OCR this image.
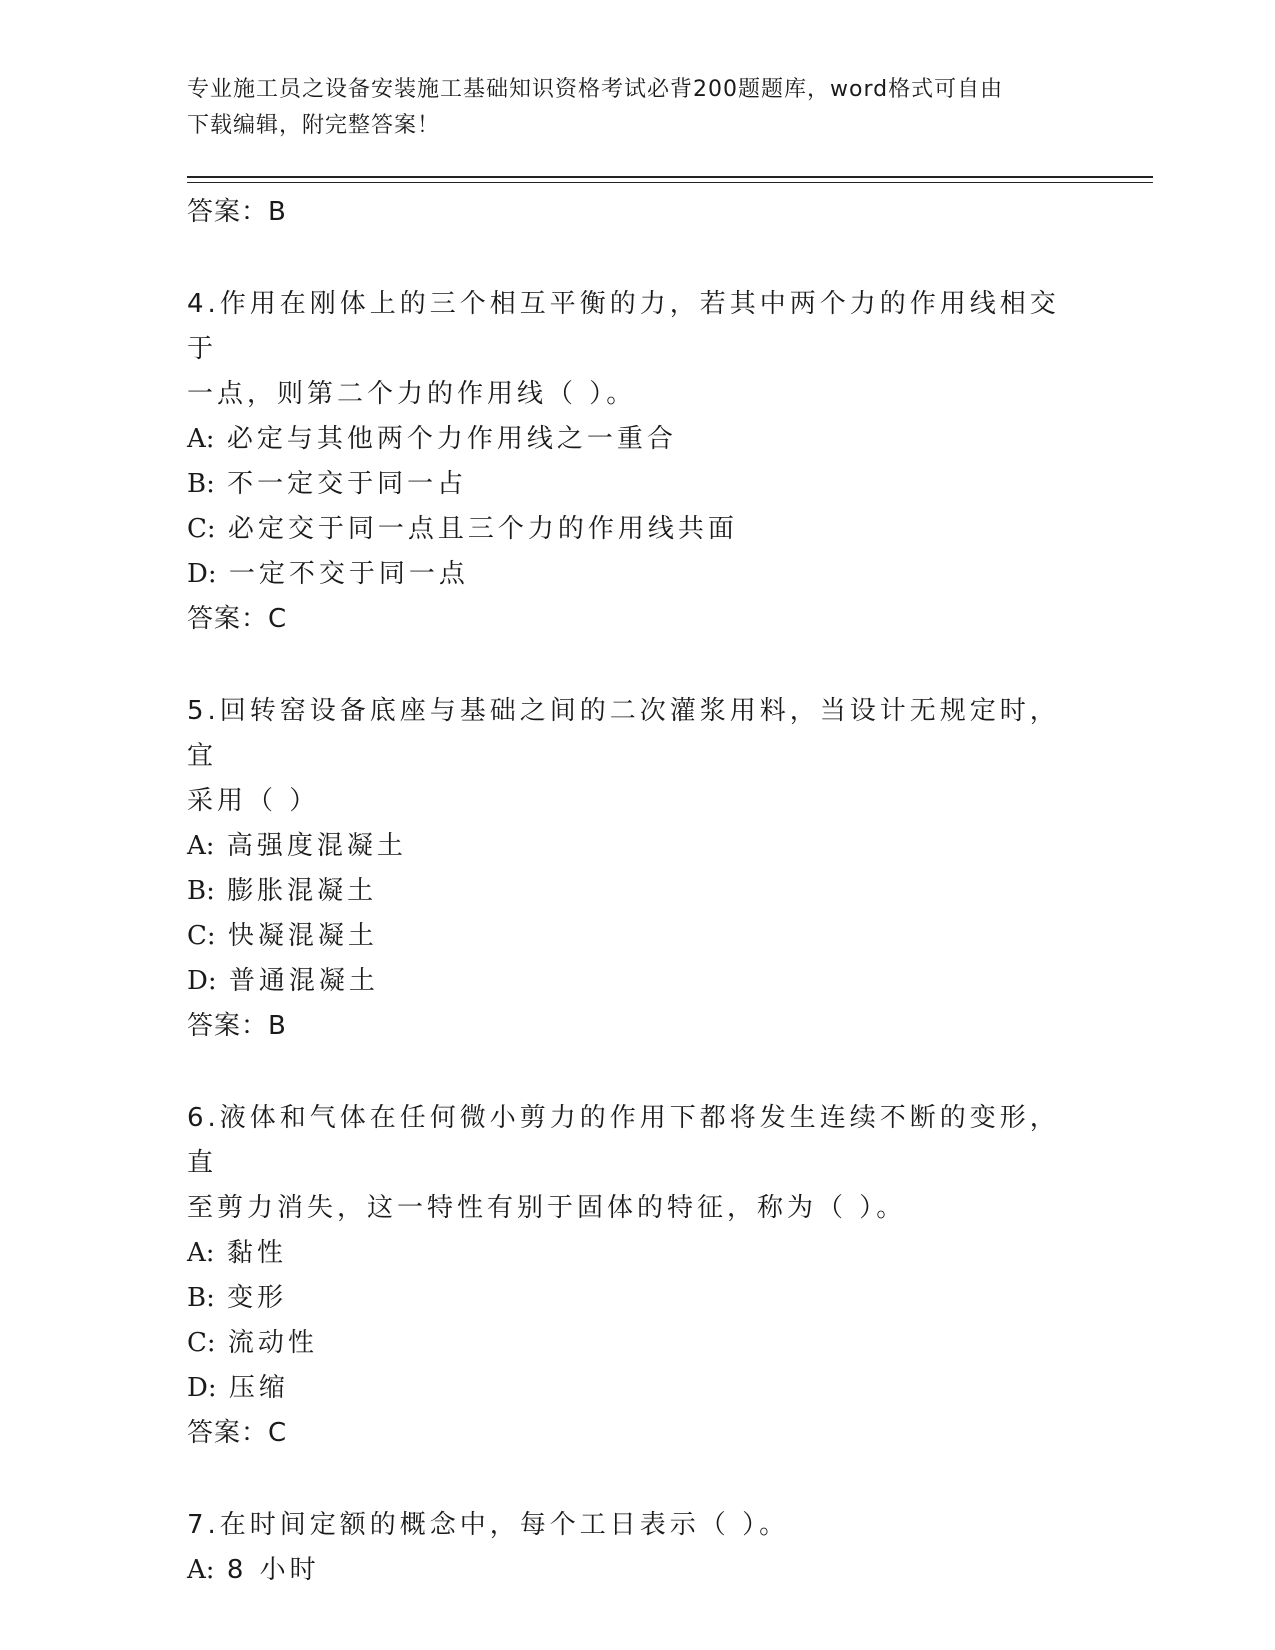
专业施工员之设备安装施工基础知识资格考试必背200题题库，word格式可自由
下载编辑，附完整答案！
答案：B
4.作用在刚体上的三个相互平衡的力，若其中两个力的作用线相交于
一点，则第二个力的作用线（ ）。
A: 必定与其他两个力作用线之一重合
B: 不一定交于同一占
C: 必定交于同一点且三个力的作用线共面
D: 一定不交于同一点
答案：C
5.回转窑设备底座与基础之间的二次灌浆用料，当设计无规定时，宜
采用（ ）
A: 高强度混凝土
B: 膨胀混凝土
C: 快凝混凝土
D: 普通混凝土
答案：B
6.液体和气体在任何微小剪力的作用下都将发生连续不断的变形，直
至剪力消失，这一特性有别于固体的特征，称为（ ）。
A: 黏性
B: 变形
C: 流动性
D: 压缩
答案：C
7.在时间定额的概念中，每个工日表示（ ）。
A: 8 小时
